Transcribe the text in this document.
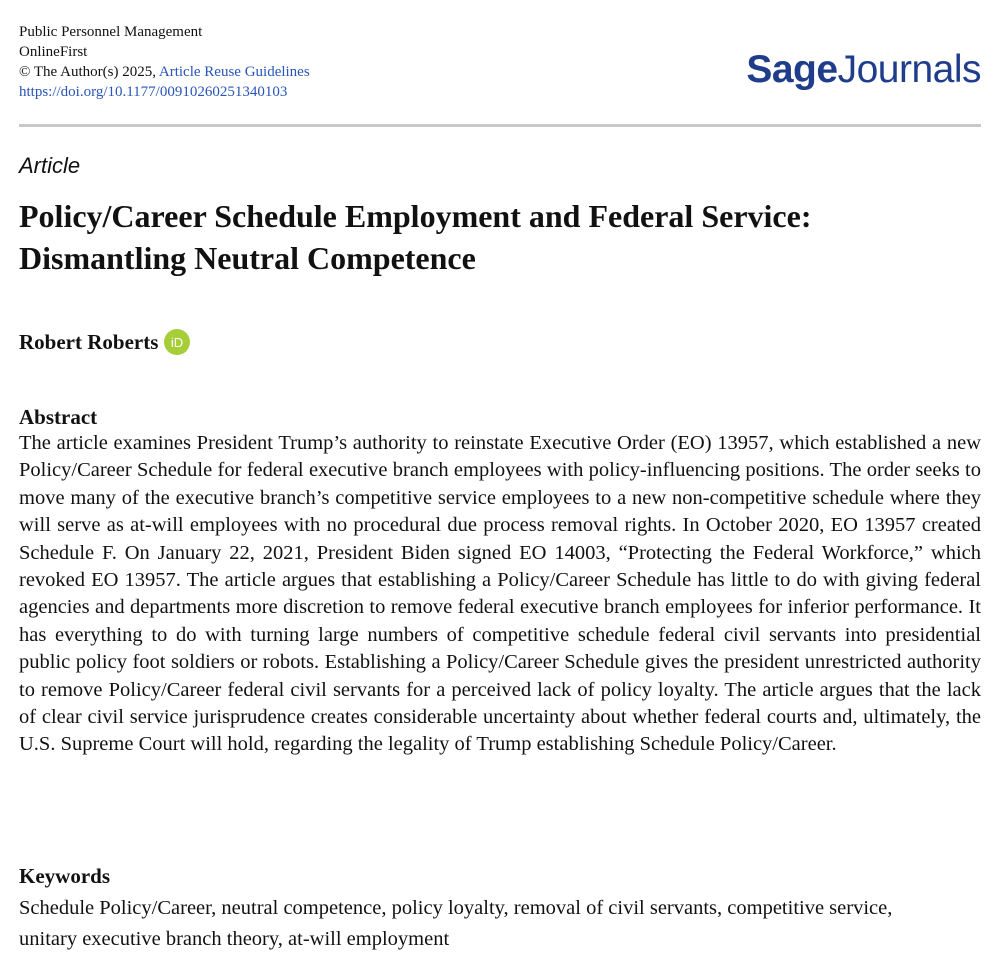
Public Personnel Management
OnlineFirst
© The Author(s) 2025, Article Reuse Guidelines
https://doi.org/10.1177/00910260251340103
SageJournals
Article
Policy/Career Schedule Employment and Federal Service:
Dismantling Neutral Competence
Robert Roberts iD
Abstract

The article examines President Trump’s authority to reinstate Executive Order (EO) 13957, which established a new Policy/Career Schedule for federal executive branch employees with policy-influencing positions. The order seeks to move many of the executive branch’s competitive service employees to a new non-competitive schedule where they will serve as at-will employees with no procedural due process removal rights. In October 2020, EO 13957 created Schedule F. On January 22, 2021, President Biden signed EO 14003, “Protecting the Federal Workforce,” which revoked EO 13957. The article argues that establishing a Policy/Career Schedule has little to do with giving federal agencies and departments more discretion to remove federal executive branch employees for inferior performance. It has everything to do with turning large numbers of competitive schedule federal civil servants into presidential public policy foot soldiers or robots. Establishing a Policy/Career Schedule gives the president unrestricted authority to remove Policy/Career federal civil servants for a perceived lack of policy loyalty. The article argues that the lack of clear civil service jurisprudence creates considerable uncertainty about whether federal courts and, ultimately, the U.S. Supreme Court will hold, regarding the legality of Trump establishing Schedule Policy/Career.

Keywords

Schedule Policy/Career, neutral competence, policy loyalty, removal of civil servants, competitive service, unitary executive branch theory, at-will employment
